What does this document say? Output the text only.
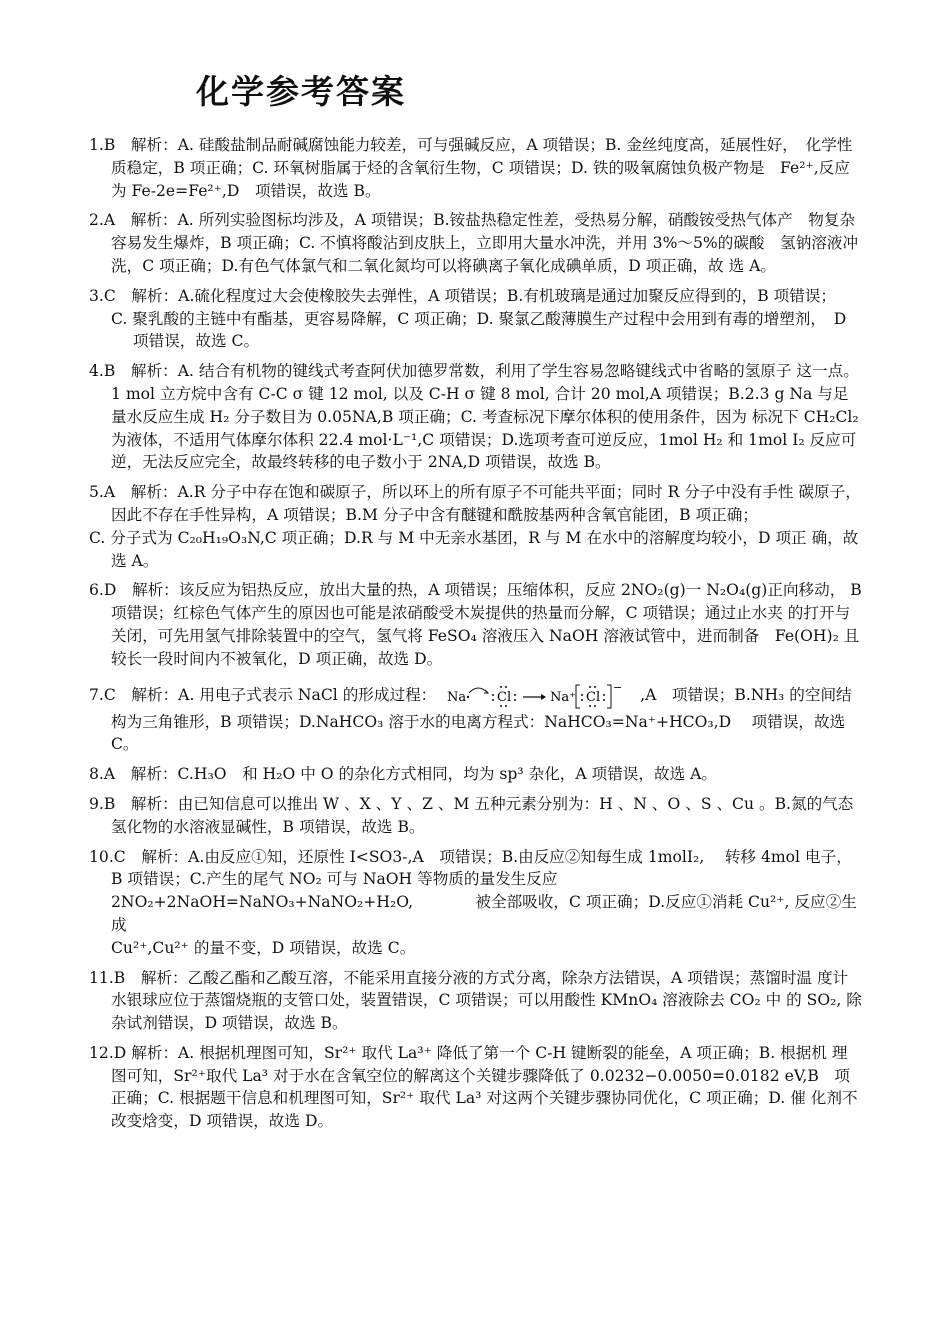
化学参考答案

1.B　解析：A. 硅酸盐制品耐碱腐蚀能力较差，可与强碱反应，A 项错误；B. 金丝纯度高，延展性好，　化学性质稳定，B 项正确；C. 环氧树脂属于烃的含氧衍生物，C 项错误；D. 铁的吸氧腐蚀负极产物是　Fe²⁺,反应为 Fe-2e=Fe²⁺,D　项错误，故选 B。

2.A　解析：A. 所列实验图标均涉及，A 项错误；B.铵盐热稳定性差，受热易分解，硝酸铵受热气体产　物复杂容易发生爆炸，B 项正确；C. 不慎将酸沾到皮肤上，立即用大量水冲洗，并用 3%～5%的碳酸　氢钠溶液冲洗，C 项正确；D.有色气体氯气和二氧化氮均可以将碘离子氧化成碘单质，D 项正确，故 选 A。

3.C　解析：A.硫化程度过大会使橡胶失去弹性，A 项错误；B.有机玻璃是通过加聚反应得到的，B 项错误；

C. 聚乳酸的主链中有酯基，更容易降解，C 项正确；D. 聚氯乙酸薄膜生产过程中会用到有毒的增塑剂，　D 项错误，故选 C。

4.B　解析：A. 结合有机物的键线式考查阿伏加德罗常数，利用了学生容易忽略键线式中省略的氢原子 这一点。1 mol 立方烷中含有 C-C σ 键 12 mol, 以及 C-H σ 键 8 mol, 合计 20 mol,A 项错误；B.2.3 g Na 与足量水反应生成 H₂ 分子数目为 0.05NA,B 项正确；C. 考查标况下摩尔体积的使用条件，因为 标况下 CH₂Cl₂ 为液体，不适用气体摩尔体积 22.4 mol·L⁻¹,C 项错误；D.选项考查可逆反应，1mol H₂ 和 1mol I₂ 反应可逆，无法反应完全，故最终转移的电子数小于 2NA,D 项错误，故选 B。

5.A　解析：A.R 分子中存在饱和碳原子，所以环上的所有原子不可能共平面；同时 R 分子中没有手性 碳原子，因此不存在手性异构，A 项错误；B.M 分子中含有醚键和酰胺基两种含氧官能团，B 项正确；

C. 分子式为 C₂₀H₁₉O₃N,C 项正确；D.R 与 M 中无亲水基团，R 与 M 在水中的溶解度均较小，D 项正 确，故选 A。

6.D　解析：该反应为铝热反应，放出大量的热，A 项错误；压缩体积，反应 2NO₂(g)一 N₂O₄(g)正向移动， B 项错误；红棕色气体产生的原因也可能是浓硝酸受木炭提供的热量而分解，C 项错误；通过止水夹 的打开与关闭，可先用氢气排除装置中的空气，氢气将 FeSO₄ 溶液压入 NaOH 溶液试管中，进而制备　Fe(OH)₂ 且较长一段时间内不被氧化，D 项正确，故选 D。

7.C　解析：A. 用电子式表示 NaCl 的形成过程： Na Cl	Na⁺ Cl
− ,A　项错误；B.NH₃ 的空间结 构为三角锥形，B 项错误；D.NaHCO₃ 溶于水的电离方程式：NaHCO₃=Na⁺+HCO₃,D　 项错误，故选 C。

8.A　解析：C.H₃O　和 H₂O 中 O 的杂化方式相同，均为 sp³ 杂化，A 项错误，故选 A。

9.B　解析：由已知信息可以推出 W 、X 、Y 、Z 、M 五种元素分别为：H 、N 、O 、S 、Cu 。B.氮的气态 氢化物的水溶液显碱性，B 项错误，故选 B。

10.C　解析：A.由反应①知，还原性 I<SO3-,A　项错误；B.由反应②知每生成 1molI₂,　 转移 4mol 电子，　B 项错误；C.产生的尾气 NO₂ 可与 NaOH 等物质的量发生反应

2NO₂+2NaOH=NaNO₃+NaNO₂+H₂O,　　　　被全部吸收，C 项正确；D.反应①消耗 Cu²⁺, 反应②生成

Cu²⁺,Cu²⁺ 的量不变，D 项错误，故选 C。

11.B　解析：乙酸乙酯和乙酸互溶，不能采用直接分液的方式分离，除杂方法错误，A 项错误；蒸馏时温 度计水银球应位于蒸馏烧瓶的支管口处，装置错误，C 项错误；可以用酸性 KMnO₄ 溶液除去 CO₂ 中 的 SO₂, 除杂试剂错误，D 项错误，故选 B。

12.D 解析：A. 根据机理图可知，Sr²⁺ 取代 La³⁺ 降低了第一个 C-H 键断裂的能垒，A 项正确；B. 根据机 理图可知，Sr²⁺取代 La³ 对于水在含氧空位的解离这个关键步骤降低了 0.0232−0.0050=0.0182 eV,B　项正确；C. 根据题干信息和机理图可知，Sr²⁺ 取代 La³ 对这两个关键步骤协同优化，C 项正确；D. 催 化剂不改变焓变，D 项错误，故选 D。
